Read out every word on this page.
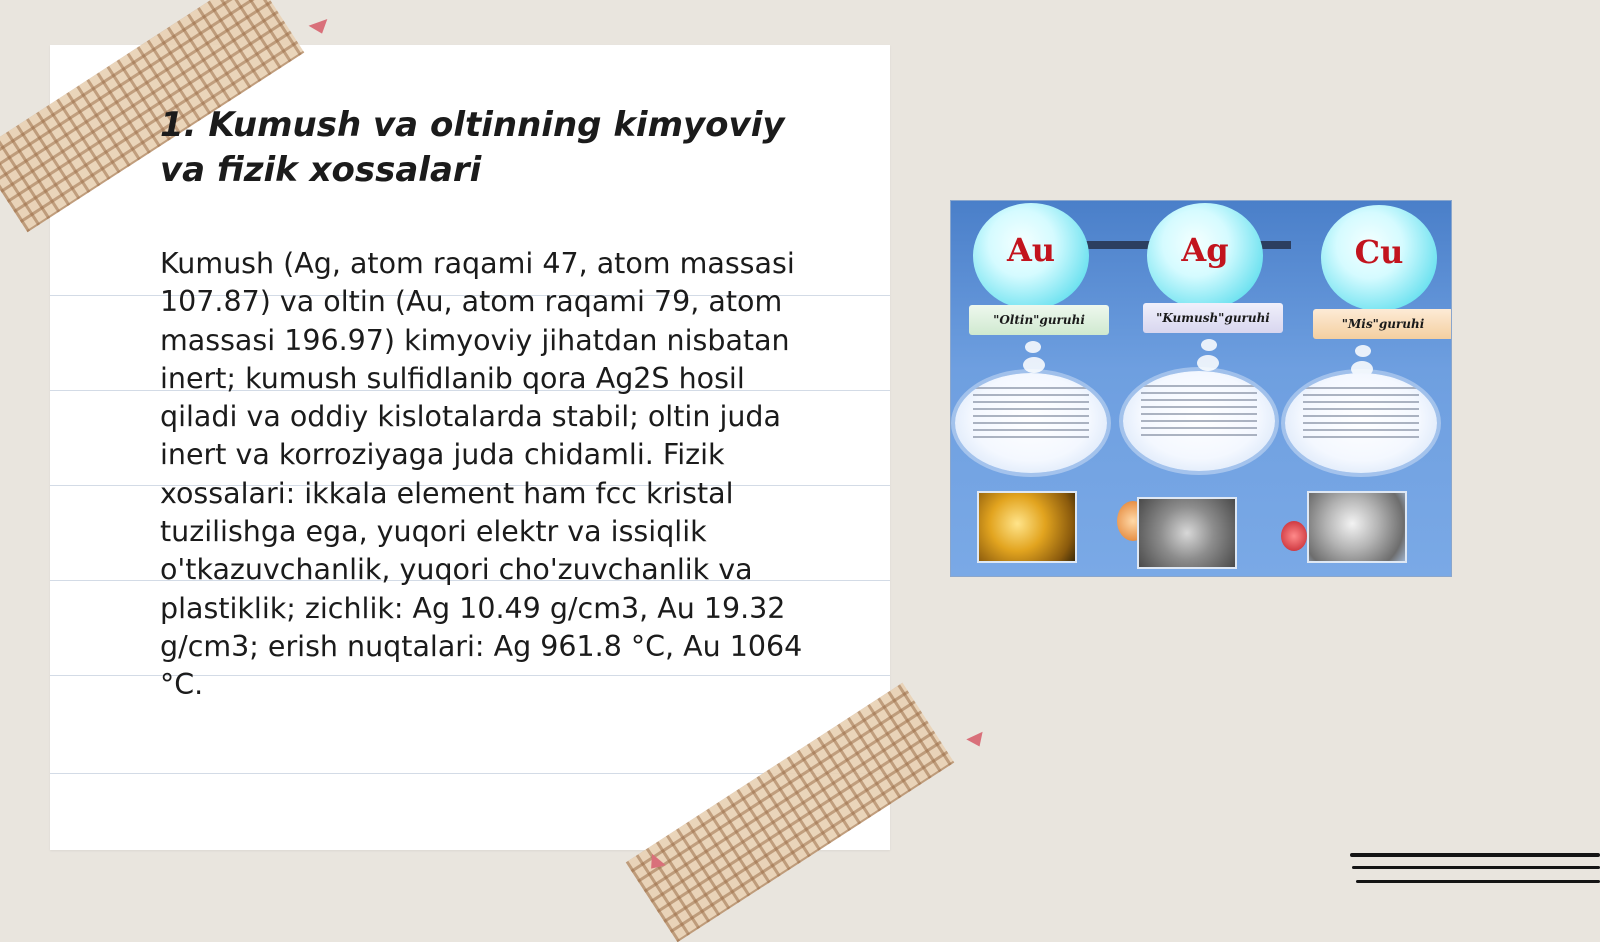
1. Kumush va oltinning kimyoviy va fizik xossalari
Kumush (Ag, atom raqami 47, atom massasi 107.87) va oltin (Au, atom raqami 79, atom massasi 196.97) kimyoviy jihatdan nisbatan inert; kumush sulfidlanib qora Ag2S hosil qiladi va oddiy kislotalarda stabil; oltin juda inert va korroziyaga juda chidamli. Fizik xossalari: ikkala element ham fcc kristal tuzilishga ega, yuqori elektr va issiqlik o'tkazuvchanlik, yuqori cho'zuvchanlik va plastiklik; zichlik: Ag 10.49 g/cm3, Au 19.32 g/cm3; erish nuqtalari: Ag 961.8 °C, Au 1064 °C.
Au	Ag	Cu
"Oltin"guruhi	"Kumush"guruhi	"Mis"guruhi
